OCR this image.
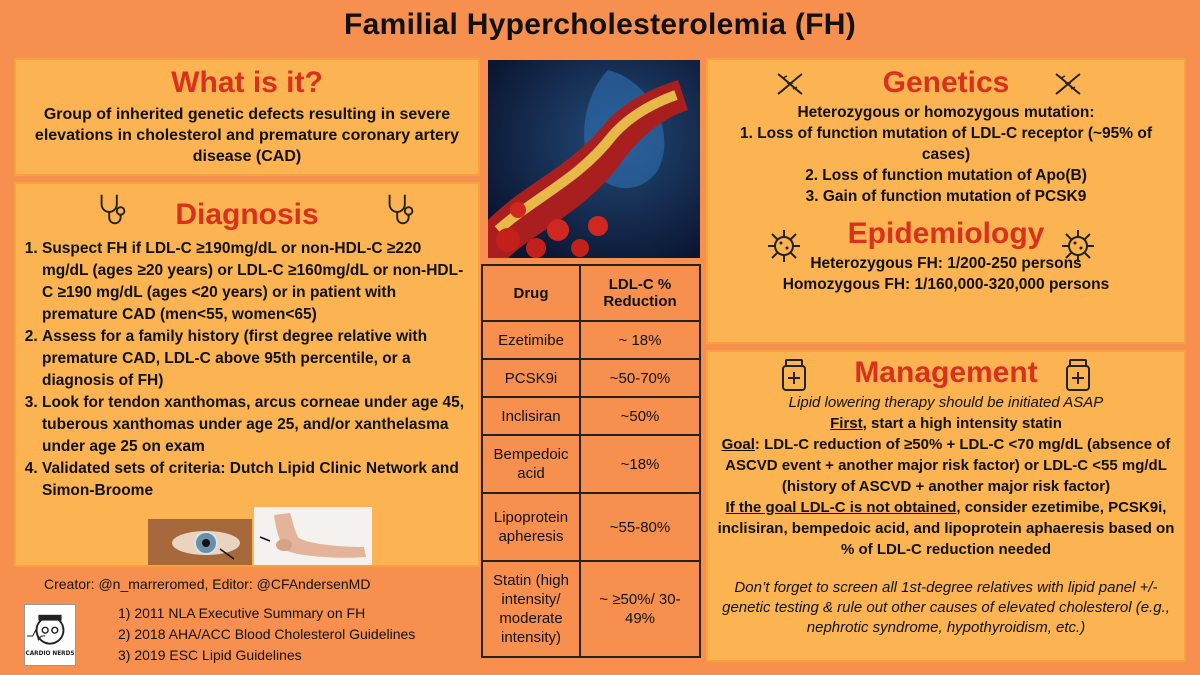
Familial Hypercholesterolemia (FH)
What is it?
Group of inherited genetic defects resulting in severe elevations in cholesterol and premature coronary artery disease (CAD)
Diagnosis
1. Suspect FH if LDL-C ≥190mg/dL or non-HDL-C ≥220 mg/dL (ages ≥20 years) or LDL-C ≥160mg/dL or non-HDL-C ≥190 mg/dL (ages <20 years) or in patient with premature CAD (men<55, women<65)
2. Assess for a family history (first degree relative with premature CAD, LDL-C above 95th percentile, or a diagnosis of FH)
3. Look for tendon xanthomas, arcus corneae under age 45, tuberous xanthomas under age 25, and/or xanthelasma under age 25 on exam
4. Validated sets of criteria: Dutch Lipid Clinic Network and Simon-Broome
Creator: @n_marreromed, Editor: @CFAndersenMD
CARDIO NERDS
1) 2011 NLA Executive Summary on FH
2) 2018 AHA/ACC Blood Cholesterol Guidelines
3) 2019 ESC Lipid Guidelines
Drug	LDL-C % Reduction
Ezetimibe	~ 18%
PCSK9i	~50-70%
Inclisiran	~50%
Bempedoic acid	~18%
Lipoprotein apheresis	~55-80%
Statin (high intensity/ moderate intensity)	~ ≥50%/ 30-49%
Genetics
Heterozygous or homozygous mutation:
1. Loss of function mutation of LDL-C receptor (~95% of cases)
2. Loss of function mutation of Apo(B)
3. Gain of function mutation of PCSK9
Epidemiology
Heterozygous FH: 1/200-250 persons
Homozygous FH: 1/160,000-320,000 persons
Management
Lipid lowering therapy should be initiated ASAP
First, start a high intensity statin
Goal: LDL-C reduction of ≥50% + LDL-C <70 mg/dL (absence of ASCVD event + another major risk factor) or LDL-C <55 mg/dL (history of ASCVD + another major risk factor)
If the goal LDL-C is not obtained, consider ezetimibe, PCSK9i, inclisiran, bempedoic acid, and lipoprotein aphaeresis based on % of LDL-C reduction needed
Don’t forget to screen all 1st-degree relatives with lipid panel +/- genetic testing & rule out other causes of elevated cholesterol (e.g., nephrotic syndrome, hypothyroidism, etc.)
